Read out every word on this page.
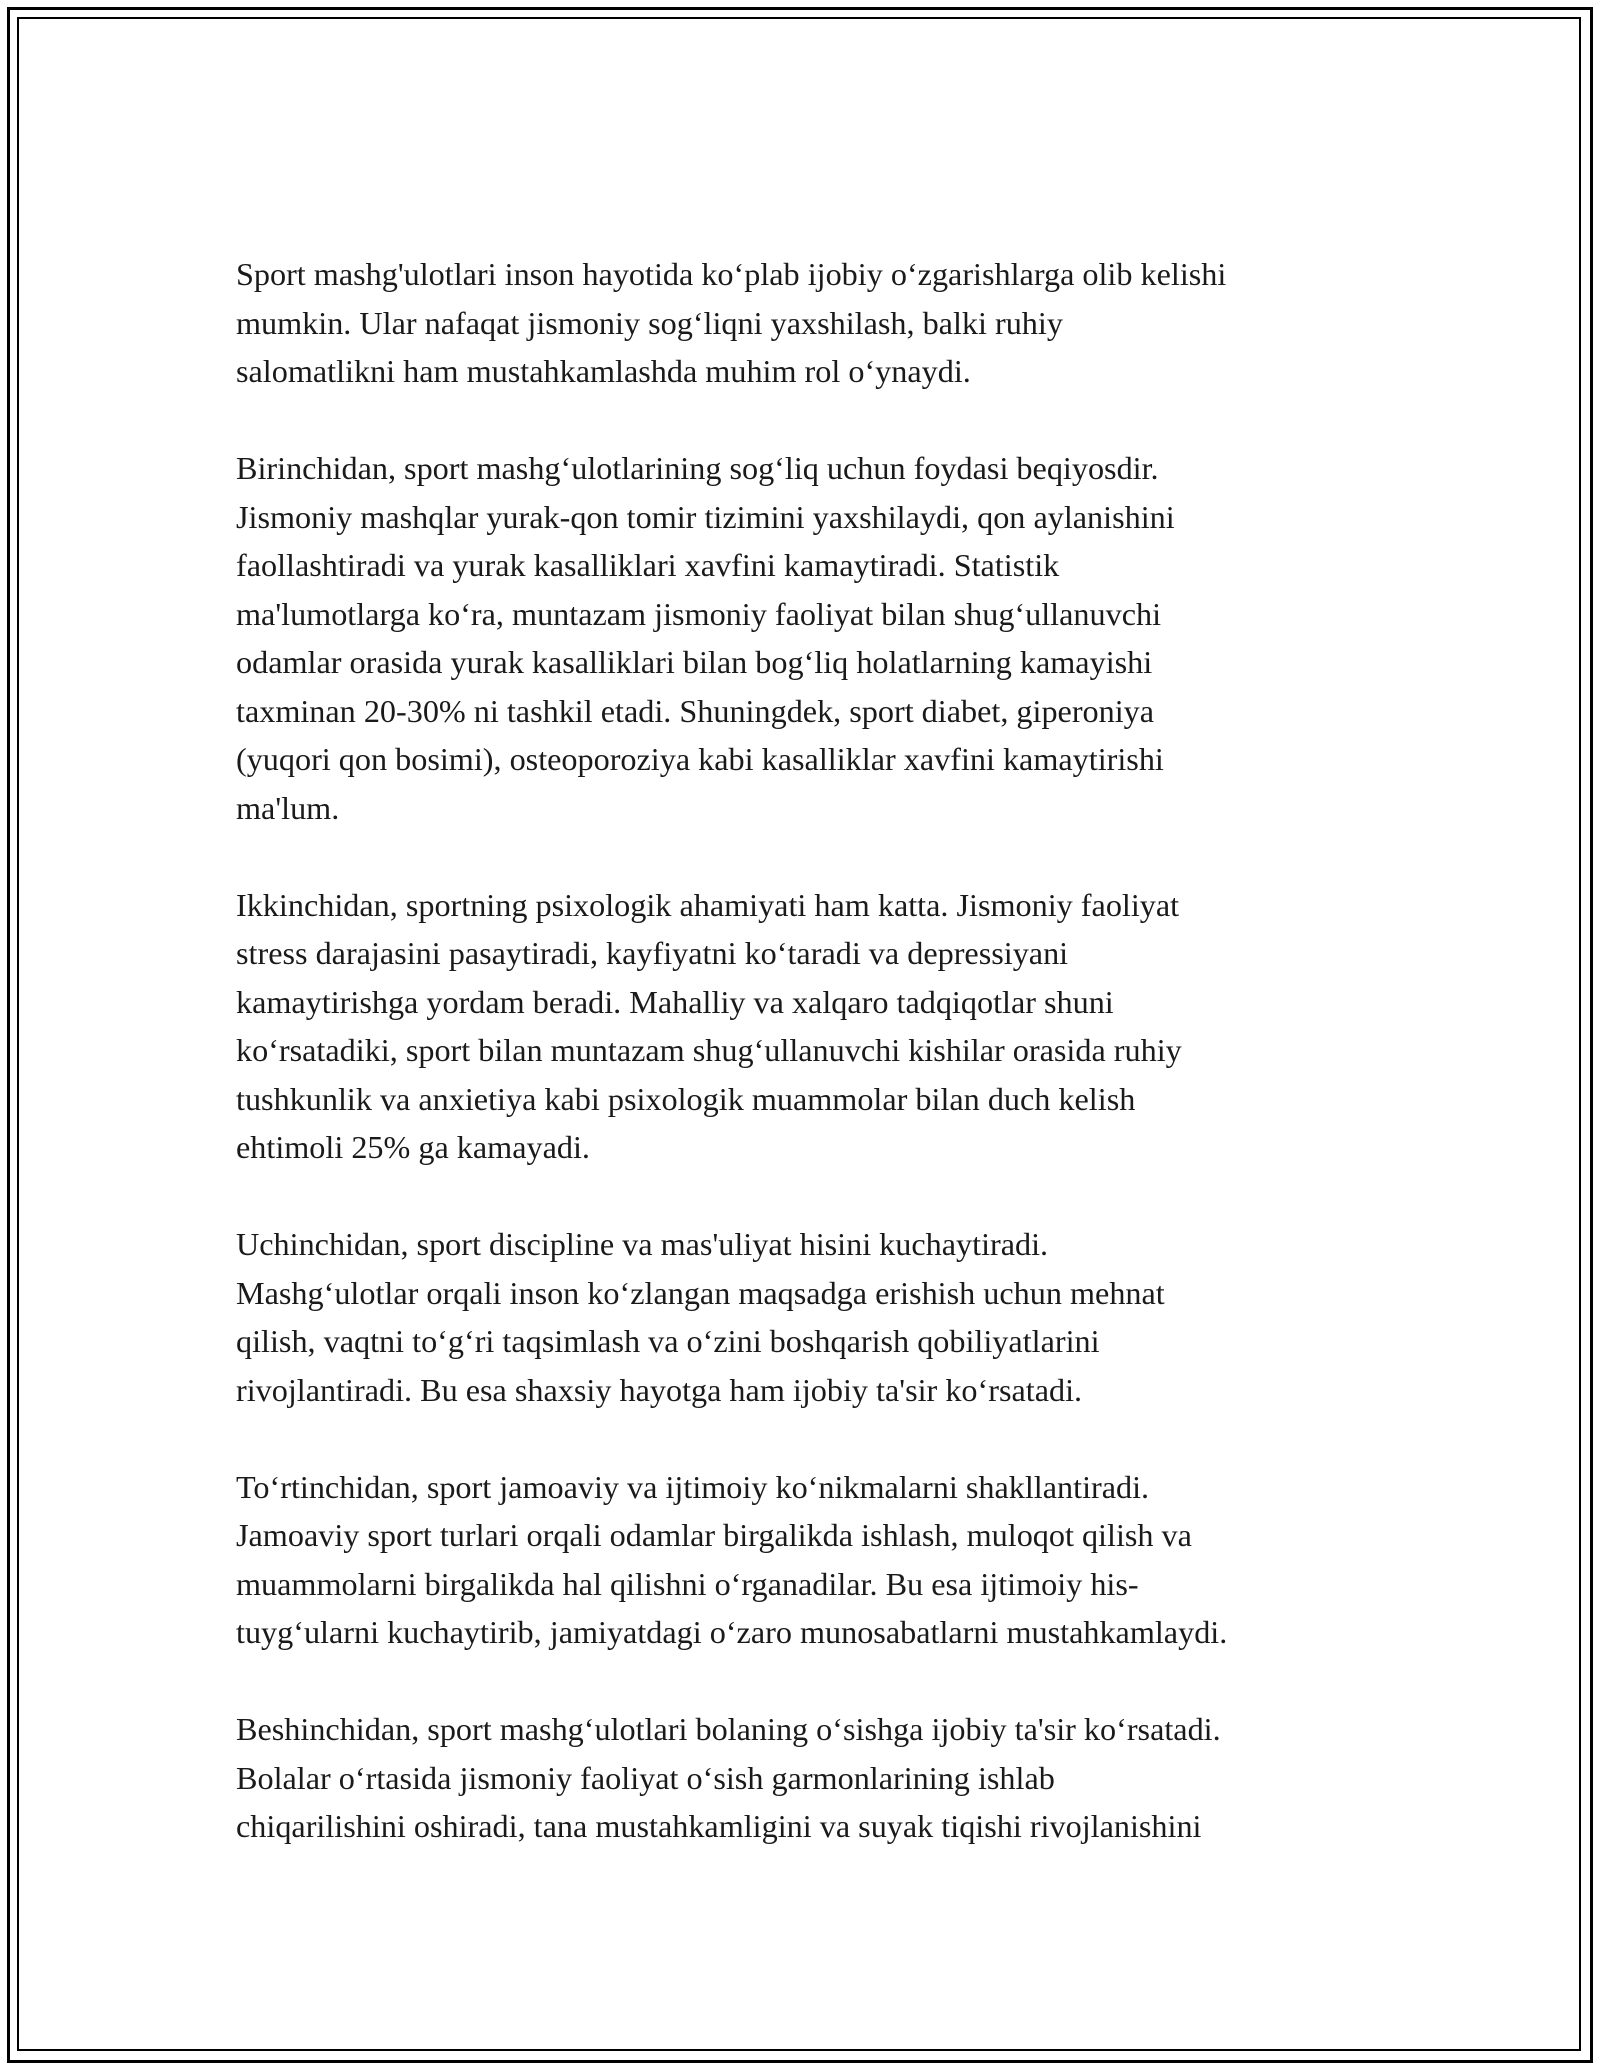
Sport mashg'ulotlari inson hayotida ko‘plab ijobiy o‘zgarishlarga olib kelishi
mumkin. Ular nafaqat jismoniy sog‘liqni yaxshilash, balki ruhiy
salomatlikni ham mustahkamlashda muhim rol o‘ynaydi.

Birinchidan, sport mashg‘ulotlarining sog‘liq uchun foydasi beqiyosdir.
Jismoniy mashqlar yurak-qon tomir tizimini yaxshilaydi, qon aylanishini
faollashtiradi va yurak kasalliklari xavfini kamaytiradi. Statistik
ma'lumotlarga ko‘ra, muntazam jismoniy faoliyat bilan shug‘ullanuvchi
odamlar orasida yurak kasalliklari bilan bog‘liq holatlarning kamayishi
taxminan 20-30% ni tashkil etadi. Shuningdek, sport diabet, giperoniya
(yuqori qon bosimi), osteoporoziya kabi kasalliklar xavfini kamaytirishi
ma'lum.

Ikkinchidan, sportning psixologik ahamiyati ham katta. Jismoniy faoliyat
stress darajasini pasaytiradi, kayfiyatni ko‘taradi va depressiyani
kamaytirishga yordam beradi. Mahalliy va xalqaro tadqiqotlar shuni
ko‘rsatadiki, sport bilan muntazam shug‘ullanuvchi kishilar orasida ruhiy
tushkunlik va anxietiya kabi psixologik muammolar bilan duch kelish
ehtimoli 25% ga kamayadi.

Uchinchidan, sport discipline va mas'uliyat hisini kuchaytiradi.
Mashg‘ulotlar orqali inson ko‘zlangan maqsadga erishish uchun mehnat
qilish, vaqtni to‘g‘ri taqsimlash va o‘zini boshqarish qobiliyatlarini
rivojlantiradi. Bu esa shaxsiy hayotga ham ijobiy ta'sir ko‘rsatadi.

To‘rtinchidan, sport jamoaviy va ijtimoiy ko‘nikmalarni shakllantiradi.
Jamoaviy sport turlari orqali odamlar birgalikda ishlash, muloqot qilish va
muammolarni birgalikda hal qilishni o‘rganadilar. Bu esa ijtimoiy his-
tuyg‘ularni kuchaytirib, jamiyatdagi o‘zaro munosabatlarni mustahkamlaydi.

Beshinchidan, sport mashg‘ulotlari bolaning o‘sishga ijobiy ta'sir ko‘rsatadi.
Bolalar o‘rtasida jismoniy faoliyat o‘sish garmonlarining ishlab
chiqarilishini oshiradi, tana mustahkamligini va suyak tiqishi rivojlanishini
